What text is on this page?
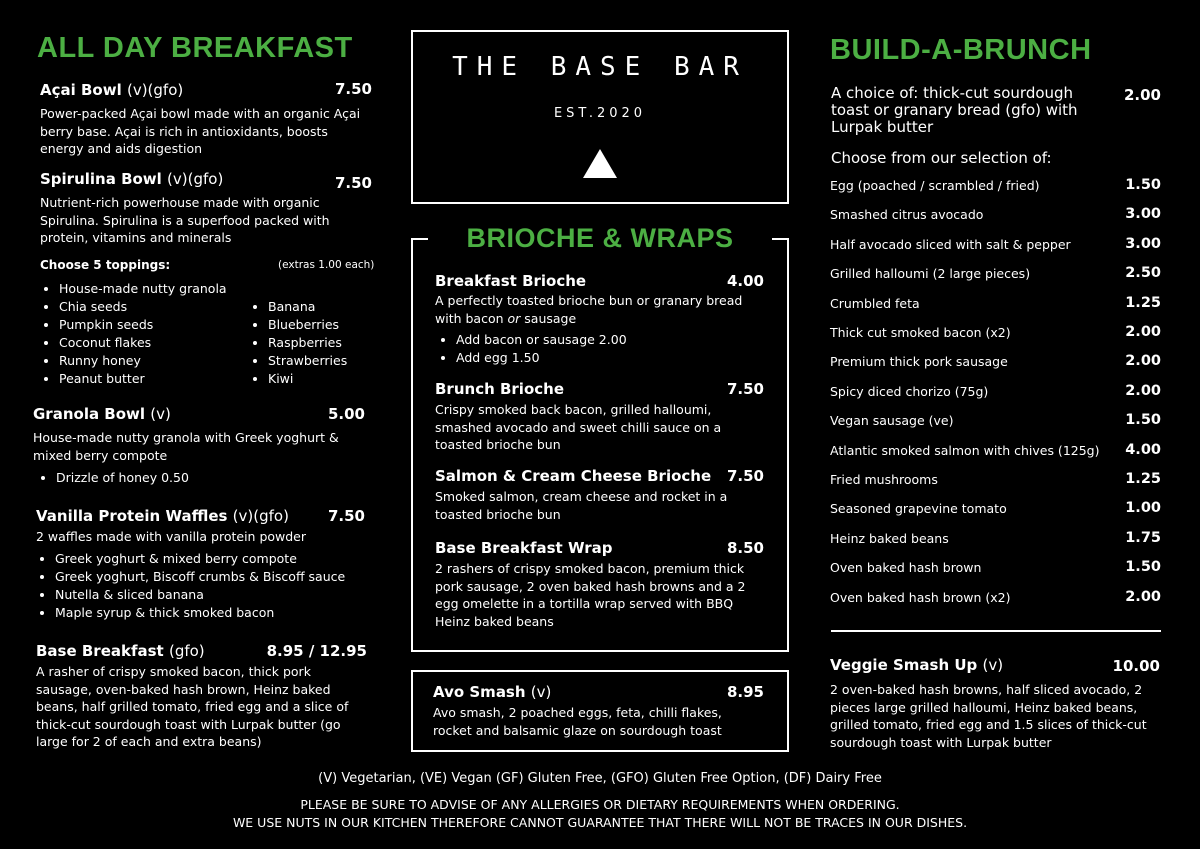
ALL DAY BREAKFAST
Açai Bowl (v)(gfo)	7.50
Power-packed Açai bowl made with an organic Açai berry base. Açai is rich in antioxidants, boosts energy and aids digestion
Spirulina Bowl (v)(gfo)	7.50
Nutrient-rich powerhouse made with organic Spirulina. Spirulina is a superfood packed with protein, vitamins and minerals
Choose 5 toppings:	(extras 1.00 each)
• House-made nutty granola
• Chia seeds
• Pumpkin seeds
• Coconut flakes
• Runny honey
• Peanut butter
• Banana
• Blueberries
• Raspberries
• Strawberries
• Kiwi
Granola Bowl (v)	5.00
House-made nutty granola with Greek yoghurt & mixed berry compote
• Drizzle of honey 0.50
Vanilla Protein Waffles (v)(gfo)	7.50
2 waffles made with vanilla protein powder
• Greek yoghurt & mixed berry compote
• Greek yoghurt, Biscoff crumbs & Biscoff sauce
• Nutella & sliced banana
• Maple syrup & thick smoked bacon
Base Breakfast (gfo)	8.95 / 12.95
A rasher of crispy smoked bacon, thick pork sausage, oven-baked hash brown, Heinz baked beans, half grilled tomato, fried egg and a slice of thick-cut sourdough toast with Lurpak butter (go large for 2 of each and extra beans)
THE BASE BAR
EST.2020
BRIOCHE & WRAPS
Breakfast Brioche	4.00
A perfectly toasted brioche bun or granary bread with bacon or sausage
• Add bacon or sausage 2.00
• Add egg 1.50
Brunch Brioche	7.50
Crispy smoked back bacon, grilled halloumi, smashed avocado and sweet chilli sauce on a toasted brioche bun
Salmon & Cream Cheese Brioche	7.50
Smoked salmon, cream cheese and rocket in a toasted brioche bun
Base Breakfast Wrap	8.50
2 rashers of crispy smoked bacon, premium thick pork sausage, 2 oven baked hash browns and a 2 egg omelette in a tortilla wrap served with BBQ Heinz baked beans
Avo Smash (v)	8.95
Avo smash, 2 poached eggs, feta, chilli flakes, rocket and balsamic glaze on sourdough toast
BUILD-A-BRUNCH
A choice of: thick-cut sourdough toast or granary bread (gfo) with Lurpak butter
2.00
Choose from our selection of:
Egg (poached / scrambled / fried)	1.50
Smashed citrus avocado	3.00
Half avocado sliced with salt & pepper	3.00
Grilled halloumi (2 large pieces)	2.50
Crumbled feta	1.25
Thick cut smoked bacon (x2)	2.00
Premium thick pork sausage	2.00
Spicy diced chorizo (75g)	2.00
Vegan sausage (ve)	1.50
Atlantic smoked salmon with chives (125g) 4.00
Fried mushrooms	1.25
Seasoned grapevine tomato	1.00
Heinz baked beans	1.75
Oven baked hash brown	1.50
Oven baked hash brown (x2)	2.00
Veggie Smash Up (v)	10.00
2 oven-baked hash browns, half sliced avocado, 2 pieces large grilled halloumi, Heinz baked beans, grilled tomato, fried egg and 1.5 slices of thick-cut sourdough toast with Lurpak butter
(V) Vegetarian, (VE) Vegan (GF) Gluten Free, (GFO) Gluten Free Option, (DF) Dairy Free
PLEASE BE SURE TO ADVISE OF ANY ALLERGIES OR DIETARY REQUIREMENTS WHEN ORDERING.
WE USE NUTS IN OUR KITCHEN THEREFORE CANNOT GUARANTEE THAT THERE WILL NOT BE TRACES IN OUR DISHES.
